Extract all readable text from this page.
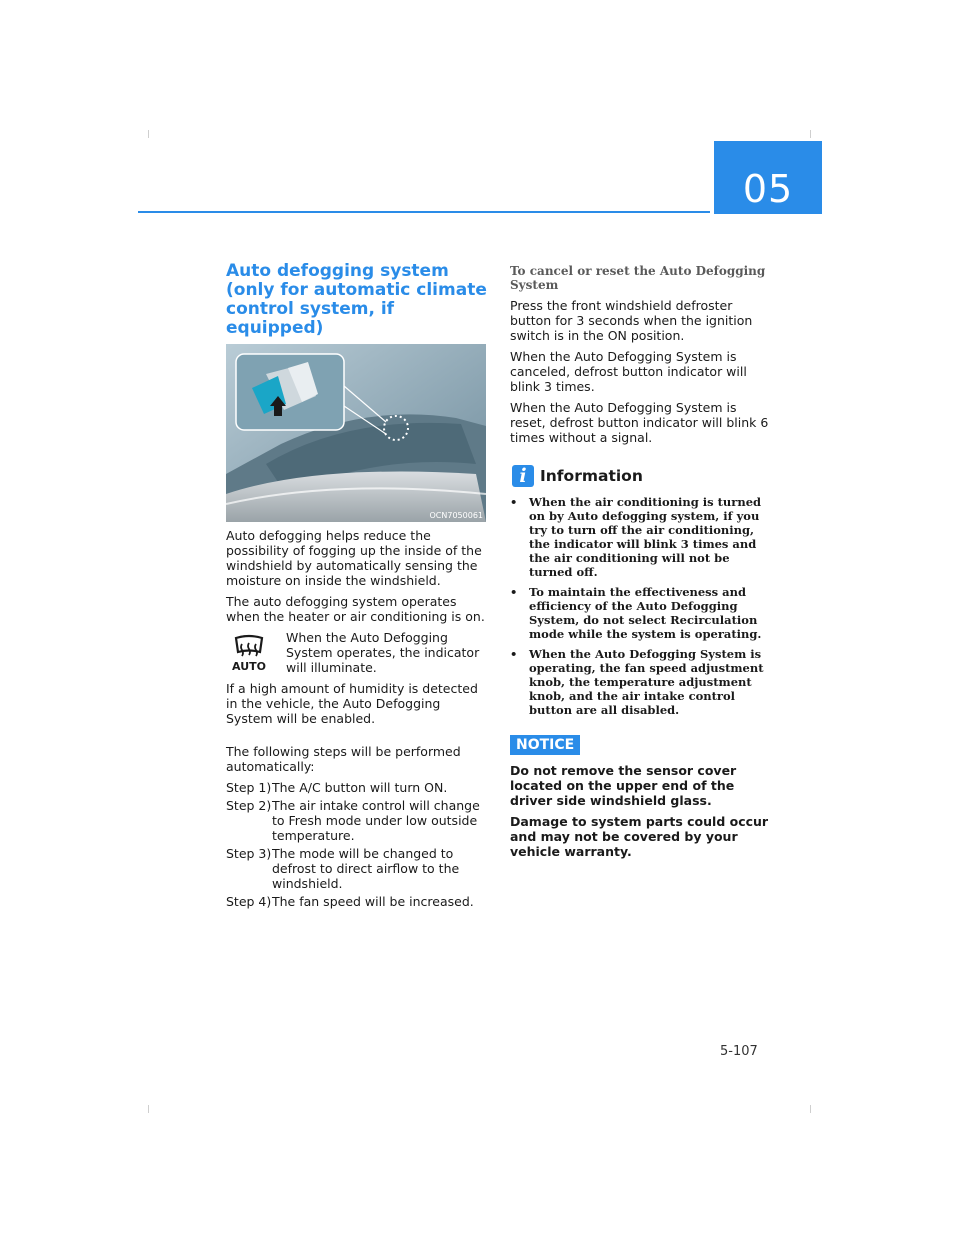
05
Auto defogging system (only for automatic climate control system, if equipped)
OCN7050061

Auto defogging helps reduce the possibility of fogging up the inside of the windshield by automatically sensing the moisture on inside the windshield.

The auto defogging system operates when the heater or air conditioning is on.

AUTO

When the Auto Defogging System operates, the indicator will illuminate.

If a high amount of humidity is detected in the vehicle, the Auto Defogging System will be enabled.

The following steps will be performed automatically:

Step 1) The A/C button will turn ON.
Step 2) The air intake control will change to Fresh mode under low outside temperature.
Step 3) The mode will be changed to defrost to direct airflow to the windshield.
Step 4) The fan speed will be increased.
To cancel or reset the Auto Defogging System

Press the front windshield defroster button for 3 seconds when the ignition switch is in the ON position.

When the Auto Defogging System is canceled, defrost button indicator will blink 3 times.

When the Auto Defogging System is reset, defrost button indicator will blink 6 times without a signal.

i Information
• When the air conditioning is turned on by Auto defogging system, if you try to turn off the air conditioning, the indicator will blink 3 times and the air conditioning will not be turned off.
• To maintain the effectiveness and efficiency of the Auto Defogging System, do not select Recirculation mode while the system is operating.
• When the Auto Defogging System is operating, the fan speed adjustment knob, the temperature adjustment knob, and the air intake control button are all disabled.
NOTICE

Do not remove the sensor cover located on the upper end of the driver side windshield glass.

Damage to system parts could occur and may not be covered by your vehicle warranty.

5-107
